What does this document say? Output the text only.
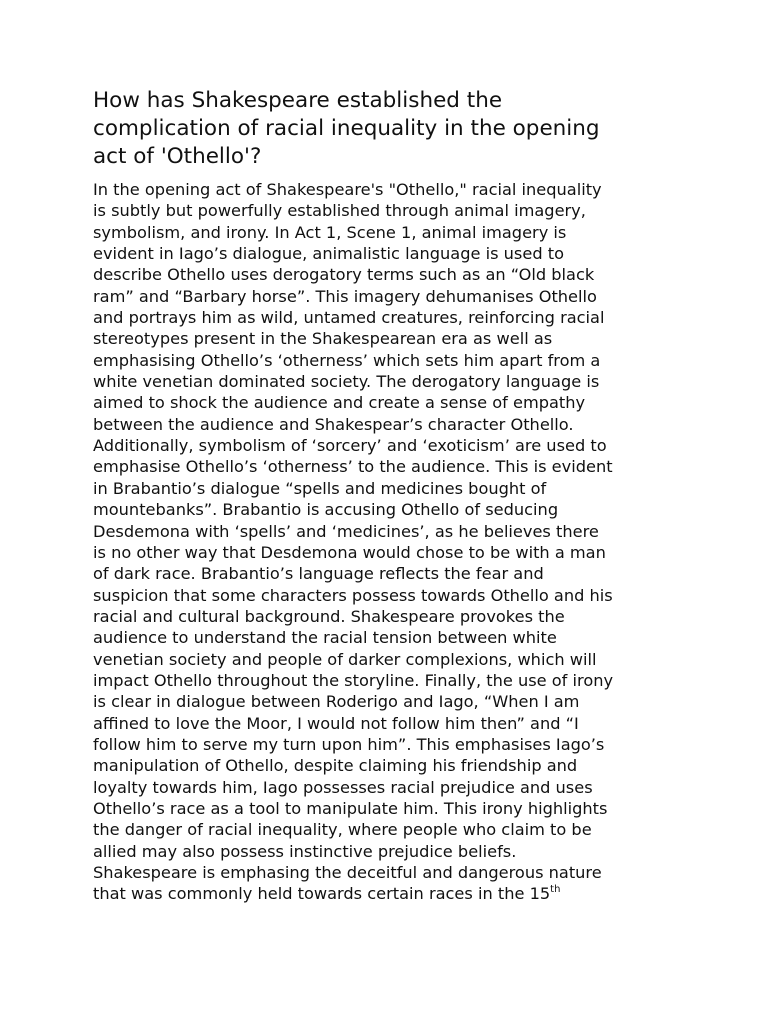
How has Shakespeare established the
complication of racial inequality in the opening
act of 'Othello'?
In the opening act of Shakespeare's "Othello," racial inequality
is subtly but powerfully established through animal imagery,
symbolism, and irony. In Act 1, Scene 1, animal imagery is
evident in Iago’s dialogue, animalistic language is used to
describe Othello uses derogatory terms such as an “Old black
ram” and “Barbary horse”. This imagery dehumanises Othello
and portrays him as wild, untamed creatures, reinforcing racial
stereotypes present in the Shakespearean era as well as
emphasising Othello’s ‘otherness’ which sets him apart from a
white venetian dominated society. The derogatory language is
aimed to shock the audience and create a sense of empathy
between the audience and Shakespear’s character Othello.
Additionally, symbolism of ‘sorcery’ and ‘exoticism’ are used to
emphasise Othello’s ‘otherness’ to the audience. This is evident
in Brabantio’s dialogue “spells and medicines bought of
mountebanks”. Brabantio is accusing Othello of seducing
Desdemona with ‘spells’ and ‘medicines’, as he believes there
is no other way that Desdemona would chose to be with a man
of dark race. Brabantio’s language reflects the fear and
suspicion that some characters possess towards Othello and his
racial and cultural background. Shakespeare provokes the
audience to understand the racial tension between white
venetian society and people of darker complexions, which will
impact Othello throughout the storyline. Finally, the use of irony
is clear in dialogue between Roderigo and Iago, “When I am
affined to love the Moor, I would not follow him then” and “I
follow him to serve my turn upon him”. This emphasises Iago’s
manipulation of Othello, despite claiming his friendship and
loyalty towards him, Iago possesses racial prejudice and uses
Othello’s race as a tool to manipulate him. This irony highlights
the danger of racial inequality, where people who claim to be
allied may also possess instinctive prejudice beliefs.
Shakespeare is emphasing the deceitful and dangerous nature
that was commonly held towards certain races in the 15th
